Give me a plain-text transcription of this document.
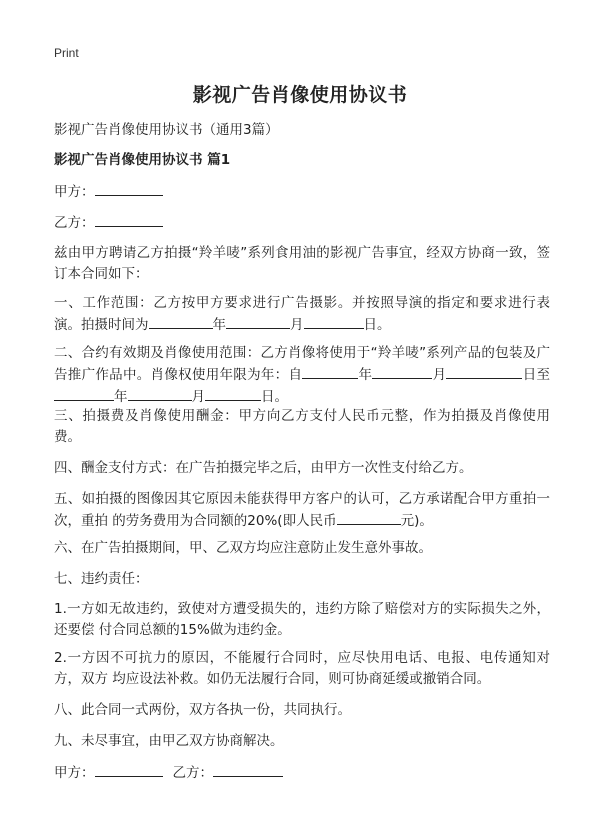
Print
影视广告肖像使用协议书
影视广告肖像使用协议书（通用3篇）
影视广告肖像使用协议书 篇1
甲方：
乙方：
兹由甲方聘请乙方拍摄“羚羊唛”系列食用油的影视广告事宜，经双方协商一致，签订本合同如下：
一、工作范围：乙方按甲方要求进行广告摄影。并按照导演的指定和要求进行表演。拍摄时间为	年	月	日。
二、合约有效期及肖像使用范围：乙方肖像将使用于“羚羊唛”系列产品的包装及广告推广作品中。肖像权使用年限为年：自	年	月	日至年	月	日。
三、拍摄费及肖像使用酬金：甲方向乙方支付人民币元整，作为拍摄及肖像使用费。
四、酬金支付方式：在广告拍摄完毕之后，由甲方一次性支付给乙方。
五、如拍摄的图像因其它原因未能获得甲方客户的认可，乙方承诺配合甲方重拍一次，重拍 的劳务费用为合同额的20%(即人民币	元)。
六、在广告拍摄期间，甲、乙双方均应注意防止发生意外事故。
七、违约责任：
1.一方如无故违约，致使对方遭受损失的，违约方除了赔偿对方的实际损失之外，还要偿 付合同总额的15%做为违约金。
2.一方因不可抗力的原因，不能履行合同时，应尽快用电话、电报、电传通知对方，双方 均应设法补救。如仍无法履行合同，则可协商延缓或撤销合同。
八、此合同一式两份，双方各执一份，共同执行。
九、未尽事宜，由甲乙双方协商解决。
甲方：	乙方：
